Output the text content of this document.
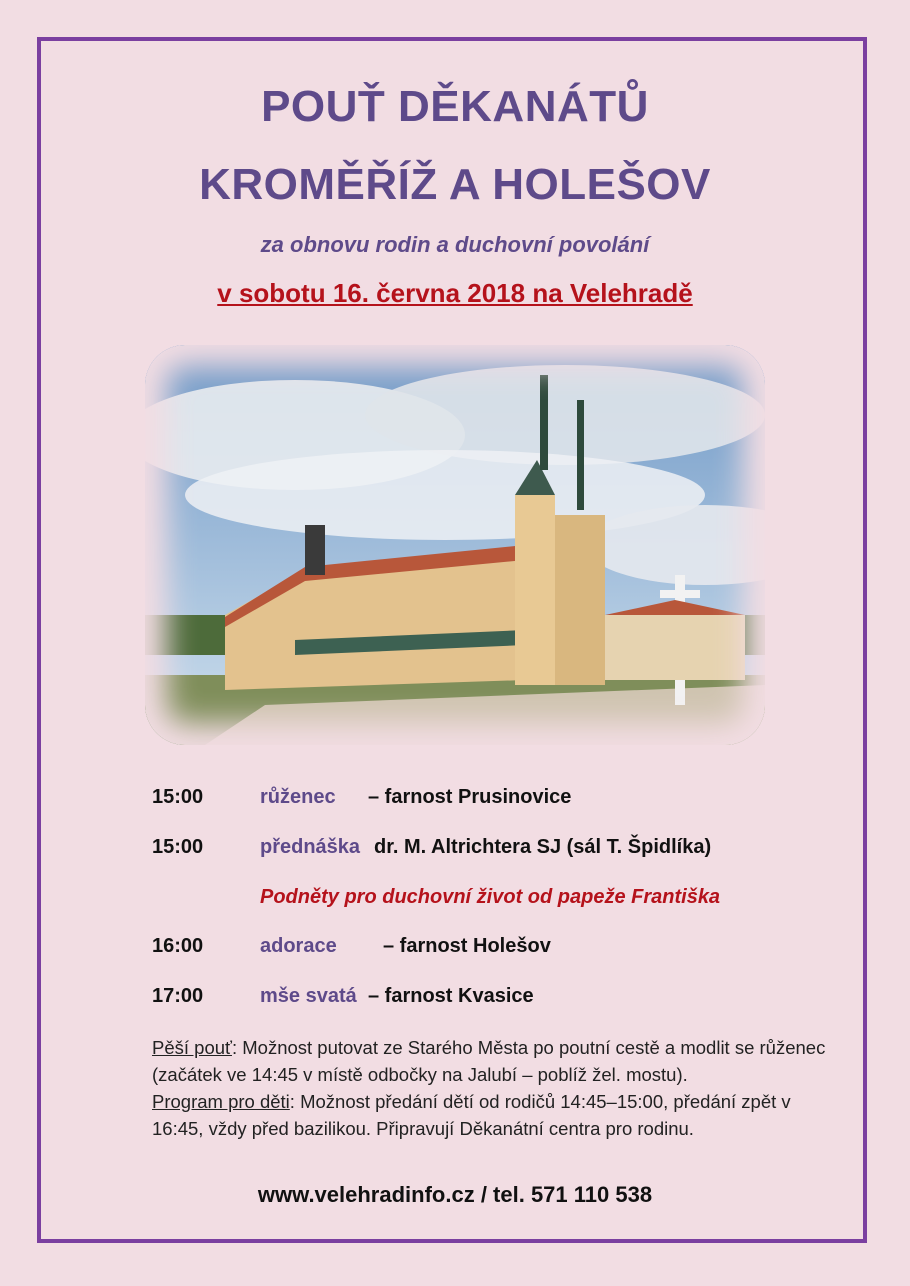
POUŤ DĚKANÁTŮ
KROMĚŘÍŽ A HOLEŠOV
za obnovu rodin a duchovní povolání
v sobotu 16. června 2018 na Velehradě
15:00	růženec – farnost Prusinovice
15:00	přednáška dr. M. Altrichtera SJ (sál T. Špidlíka)
Podněty pro duchovní život od papeže Františka
16:00	adorace – farnost Holešov
17:00	mše svatá – farnost Kvasice
Pěší pouť: Možnost putovat ze Starého Města po poutní cestě a modlit se růženec (začátek ve 14:45 v místě odbočky na Jalubí – poblíž žel. mostu).
Program pro děti: Možnost předání dětí od rodičů 14:45–15:00, předání zpět v 16:45, vždy před bazilikou. Připravují Děkanátní centra pro rodinu.
www.velehradinfo.cz / tel. 571 110 538
